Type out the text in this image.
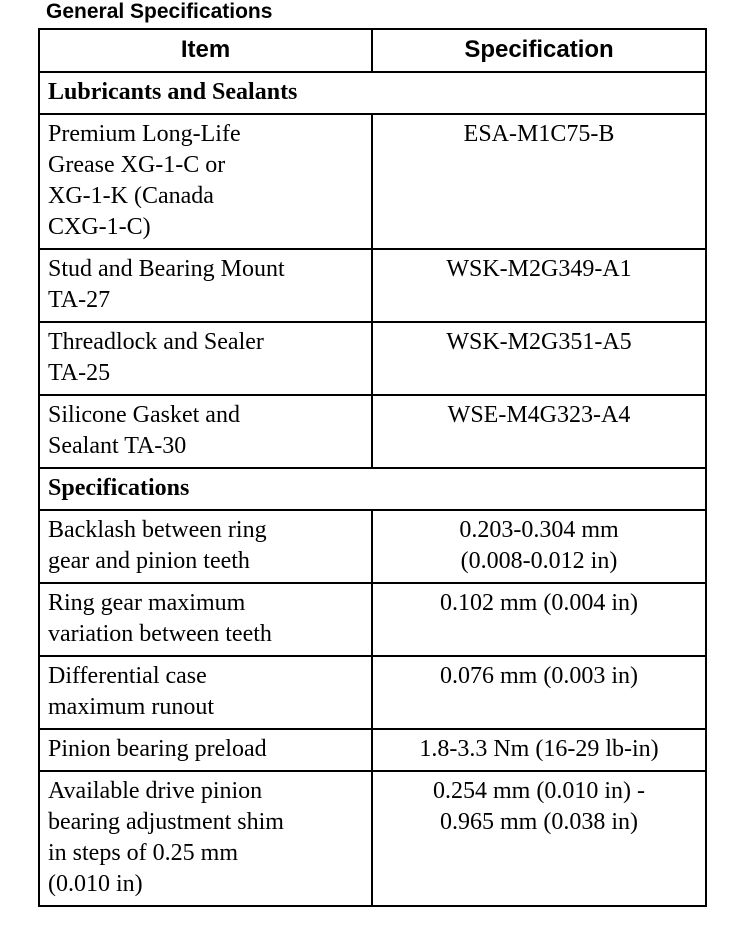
General Specifications
Item	Specification
Lubricants and Sealants	

Premium Long-Life
Grease XG-1-C or
XG-1-K (Canada
CXG-1-C)	ESA-M1C75-B

Stud and Bearing Mount
TA-27	WSK-M2G349-A1

Threadlock and Sealer
TA-25	WSK-M2G351-A5

Silicone Gasket and
Sealant TA-30	WSE-M4G323-A4

Specifications	

Backlash between ring
gear and pinion teeth	0.203-0.304 mm
(0.008-0.012 in)

Ring gear maximum
variation between teeth	0.102 mm (0.004 in)

Differential case
maximum runout	0.076 mm (0.003 in)

Pinion bearing preload	1.8-3.3 Nm (16-29 lb-in)

Available drive pinion
bearing adjustment shim
in steps of 0.25 mm
(0.010 in)	0.254 mm (0.010 in) -
0.965 mm (0.038 in)
